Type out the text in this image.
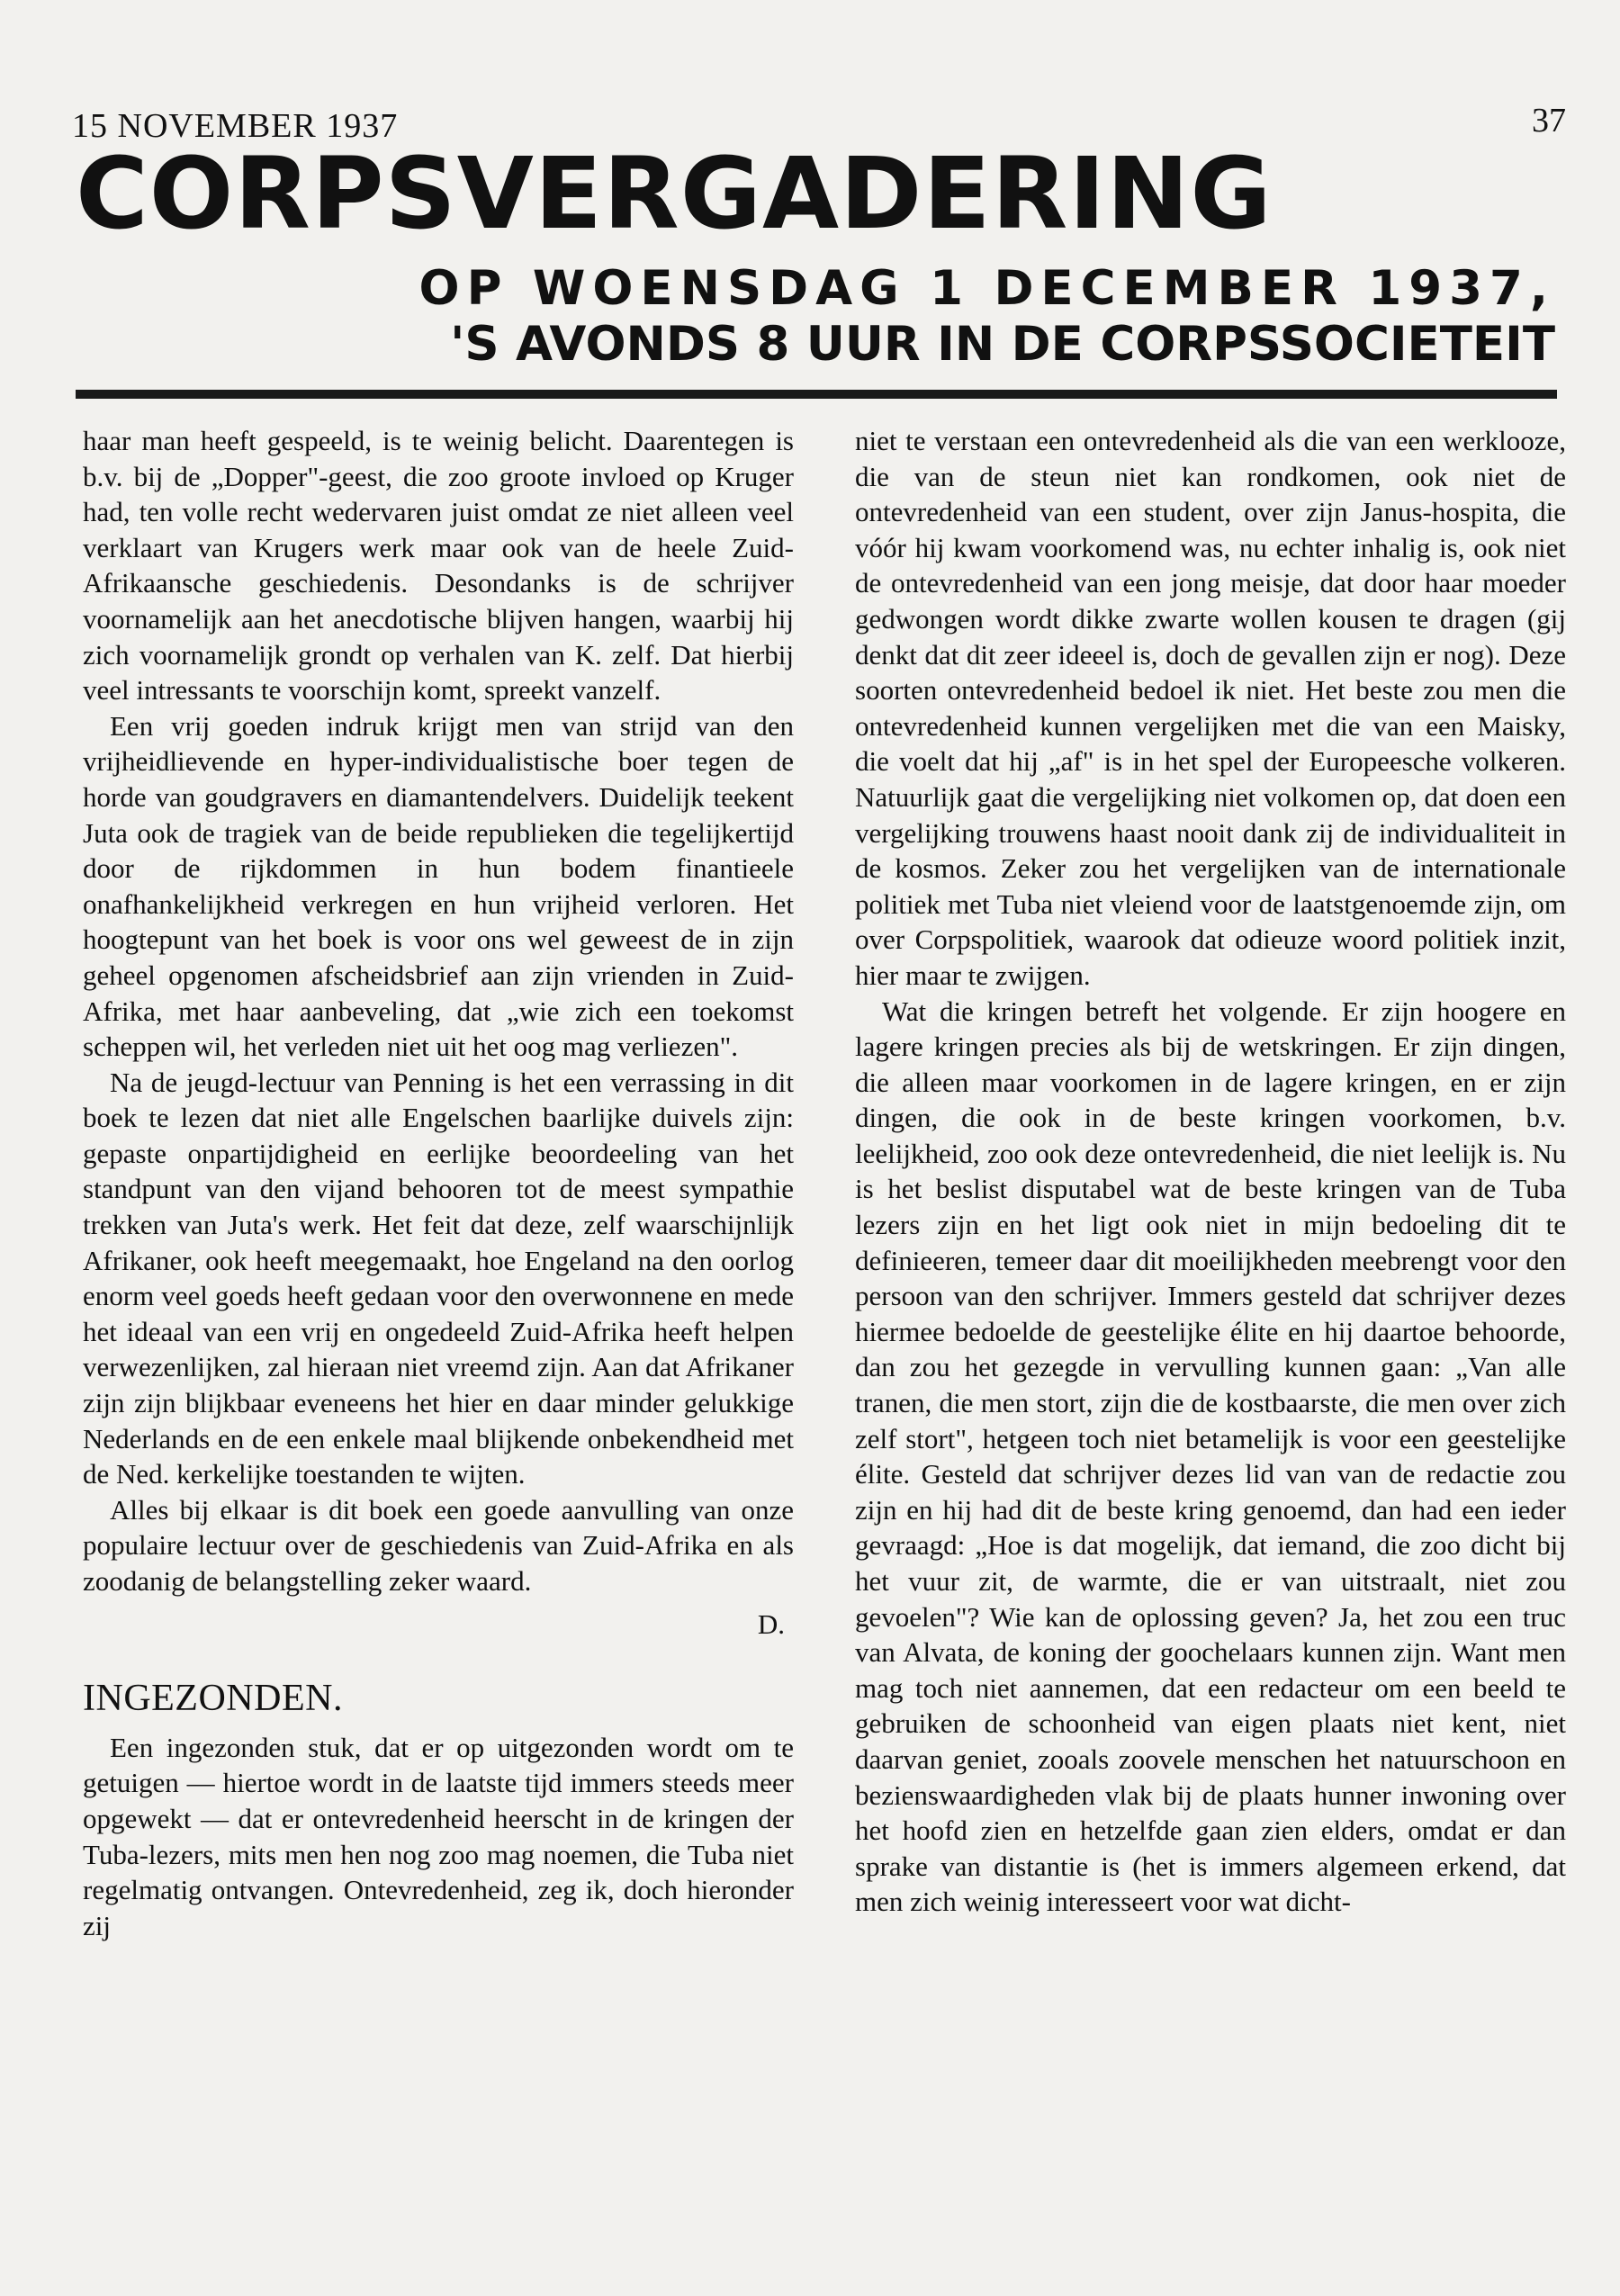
15 NOVEMBER 1937	37
CORPSVERGADERING
OP WOENSDAG 1 DECEMBER 1937,
'S AVONDS 8 UUR IN DE CORPSSOCIETEIT

haar man heeft gespeeld, is te weinig belicht. Daarentegen is b.v. bij de „Dopper"-geest, die zoo groote invloed op Kruger had, ten volle recht wedervaren juist omdat ze niet alleen veel verklaart van Krugers werk maar ook van de heele Zuid-Afrikaansche geschiedenis. Desondanks is de schrijver voornamelijk aan het anecdotische blijven hangen, waarbij hij zich voornamelijk grondt op verhalen van K. zelf. Dat hierbij veel intressants te voorschijn komt, spreekt vanzelf.

Een vrij goeden indruk krijgt men van strijd van den vrijheidlievende en hyper-individualistische boer tegen de horde van goudgravers en diamantendelvers. Duidelijk teekent Juta ook de tragiek van de beide republieken die tegelijkertijd door de rijkdommen in hun bodem finantieele onafhankelijkheid verkregen en hun vrijheid verloren. Het hoogtepunt van het boek is voor ons wel geweest de in zijn geheel opgenomen afscheidsbrief aan zijn vrienden in Zuid-Afrika, met haar aanbeveling, dat „wie zich een toekomst scheppen wil, het verleden niet uit het oog mag verliezen".

Na de jeugd-lectuur van Penning is het een verrassing in dit boek te lezen dat niet alle Engelschen baarlijke duivels zijn: gepaste onpartijdigheid en eerlijke beoordeeling van het standpunt van den vijand behooren tot de meest sympathie trekken van Juta's werk. Het feit dat deze, zelf waarschijnlijk Afrikaner, ook heeft meegemaakt, hoe Engeland na den oorlog enorm veel goeds heeft gedaan voor den overwonnene en mede het ideaal van een vrij en ongedeeld Zuid-Afrika heeft helpen verwezenlijken, zal hieraan niet vreemd zijn. Aan dat Afrikaner zijn zijn blijkbaar eveneens het hier en daar minder gelukkige Nederlands en de een enkele maal blijkende onbekendheid met de Ned. kerkelijke toestanden te wijten.

Alles bij elkaar is dit boek een goede aanvulling van onze populaire lectuur over de geschiedenis van Zuid-Afrika en als zoodanig de belangstelling zeker waard.

D.

INGEZONDEN.

Een ingezonden stuk, dat er op uitgezonden wordt om te getuigen — hiertoe wordt in de laatste tijd immers steeds meer opgewekt — dat er ontevredenheid heerscht in de kringen der Tuba-lezers, mits men hen nog zoo mag noemen, die Tuba niet regelmatig ontvangen. Ontevredenheid, zeg ik, doch hieronder zij

niet te verstaan een ontevredenheid als die van een werklooze, die van de steun niet kan rondkomen, ook niet de ontevredenheid van een student, over zijn Janus-hospita, die vóór hij kwam voorkomend was, nu echter inhalig is, ook niet de ontevredenheid van een jong meisje, dat door haar moeder gedwongen wordt dikke zwarte wollen kousen te dragen (gij denkt dat dit zeer ideeel is, doch de gevallen zijn er nog). Deze soorten ontevredenheid bedoel ik niet. Het beste zou men die ontevredenheid kunnen vergelijken met die van een Maisky, die voelt dat hij „af" is in het spel der Europeesche volkeren. Natuurlijk gaat die vergelijking niet volkomen op, dat doen een vergelijking trouwens haast nooit dank zij de individualiteit in de kosmos. Zeker zou het vergelijken van de internationale politiek met Tuba niet vleiend voor de laatstgenoemde zijn, om over Corpspolitiek, waarook dat odieuze woord politiek inzit, hier maar te zwijgen.

Wat die kringen betreft het volgende. Er zijn hoogere en lagere kringen precies als bij de wetskringen. Er zijn dingen, die alleen maar voorkomen in de lagere kringen, en er zijn dingen, die ook in de beste kringen voorkomen, b.v. leelijkheid, zoo ook deze ontevredenheid, die niet leelijk is. Nu is het beslist disputabel wat de beste kringen van de Tuba lezers zijn en het ligt ook niet in mijn bedoeling dit te definieeren, temeer daar dit moeilijkheden meebrengt voor den persoon van den schrijver. Immers gesteld dat schrijver dezes hiermee bedoelde de geestelijke élite en hij daartoe behoorde, dan zou het gezegde in vervulling kunnen gaan: „Van alle tranen, die men stort, zijn die de kostbaarste, die men over zich zelf stort", hetgeen toch niet betamelijk is voor een geestelijke élite. Gesteld dat schrijver dezes lid van van de redactie zou zijn en hij had dit de beste kring genoemd, dan had een ieder gevraagd: „Hoe is dat mogelijk, dat iemand, die zoo dicht bij het vuur zit, de warmte, die er van uitstraalt, niet zou gevoelen"? Wie kan de oplossing geven? Ja, het zou een truc van Alvata, de koning der goochelaars kunnen zijn. Want men mag toch niet aannemen, dat een redacteur om een beeld te gebruiken de schoonheid van eigen plaats niet kent, niet daarvan geniet, zooals zoovele menschen het natuurschoon en bezienswaardigheden vlak bij de plaats hunner inwoning over het hoofd zien en hetzelfde gaan zien elders, omdat er dan sprake van distantie is (het is immers algemeen erkend, dat men zich weinig interesseert voor wat dicht-
